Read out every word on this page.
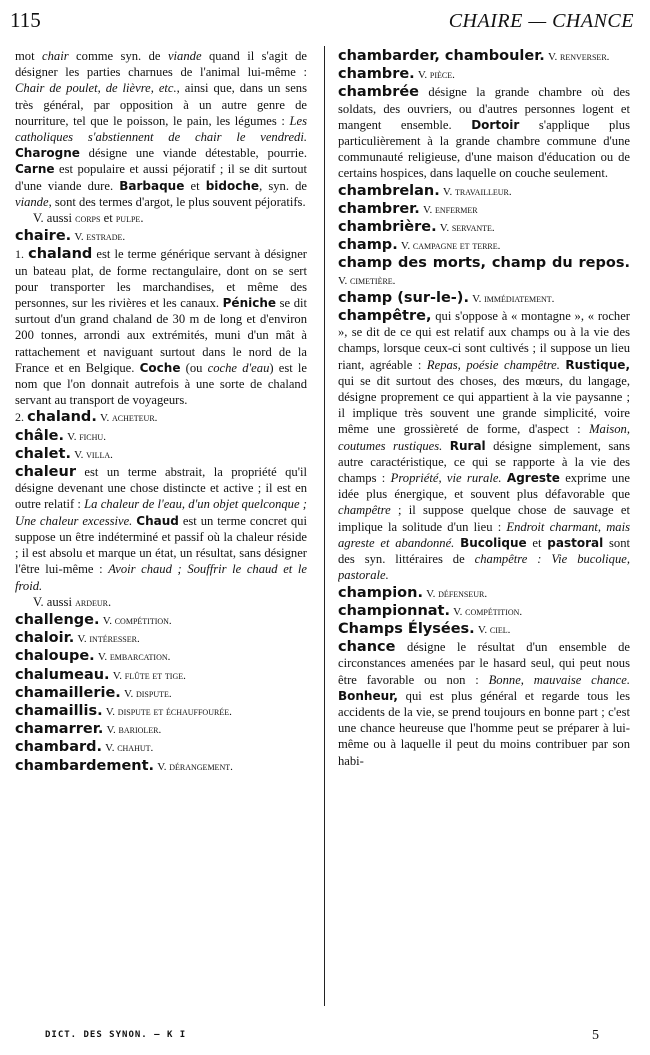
115	CHAIRE — CHANCE

mot chair comme syn. de viande quand il s'agit de désigner les parties charnues de l'animal lui-même : Chair de poulet, de lièvre, etc., ainsi que, dans un sens très général, par opposition à un autre genre de nourriture, tel que le poisson, le pain, les légumes : Les catholiques s'abstiennent de chair le vendredi. Charogne désigne une viande détestable, pourrie. Carne est populaire et aussi péjoratif ; il se dit surtout d'une viande dure. Barbaque et bidoche, syn. de viande, sont des termes d'argot, le plus souvent péjoratifs.
V. aussi corps et pulpe.

chaire. V. estrade.

1. chaland est le terme générique servant à désigner un bateau plat, de forme rectangulaire, dont on se sert pour transporter les marchandises, et même des personnes, sur les rivières et les canaux. Péniche se dit surtout d'un grand chaland de 30 m de long et d'environ 200 tonnes, arrondi aux extrémités, muni d'un mât à rattachement et naviguant surtout dans le nord de la France et en Belgique. Coche (ou coche d'eau) est le nom que l'on donnait autrefois à une sorte de chaland servant au transport de voyageurs.

2. chaland. V. acheteur.

châle. V. fichu.

chalet. V. villa.

chaleur est un terme abstrait, la propriété qu'il désigne devenant une chose distincte et active ; il est en outre relatif : La chaleur de l'eau, d'un objet quelconque ; Une chaleur excessive. Chaud est un terme concret qui suppose un être indéterminé et passif où la chaleur réside ; il est absolu et marque un état, un résultat, sans désigner l'être lui-même : Avoir chaud ; Souffrir le chaud et le froid.
V. aussi ardeur.

challenge. V. compétition.

chaloir. V. intéresser.

chaloupe. V. embarcation.

chalumeau. V. flûte et tige.

chamaillerie. V. dispute.

chamaillis. V. dispute et échauffourée.

chamarrer. V. barioler.

chambard. V. chahut.

chambardement. V. dérangement.

chambarder, chambouler. V. renverser.

chambre. V. pièce.

chambrée désigne la grande chambre où des soldats, des ouvriers, ou d'autres personnes logent et mangent ensemble. Dortoir s'applique plus particulièrement à la grande chambre commune d'une communauté religieuse, d'une maison d'éducation ou de certains hospices, dans laquelle on couche seulement.

chambrelan. V. travailleur.

chambrer. V. enfermer

chambrière. V. servante.

champ. V. campagne et terre.

champ des morts, champ du repos. V. cimetière.

champ (sur-le-). V. immédiatement.

champêtre, qui s'oppose à « montagne », « rocher », se dit de ce qui est relatif aux champs ou à la vie des champs, lorsque ceux-ci sont cultivés ; il suppose un lieu riant, agréable : Repas, poésie champêtre. Rustique, qui se dit surtout des choses, des mœurs, du langage, désigne proprement ce qui appartient à la vie paysanne ; il implique très souvent une grande simplicité, voire même une grossièreté de forme, d'aspect : Maison, coutumes rustiques. Rural désigne simplement, sans autre caractéristique, ce qui se rapporte à la vie des champs : Propriété, vie rurale. Agreste exprime une idée plus énergique, et souvent plus défavorable que champêtre ; il suppose quelque chose de sauvage et implique la solitude d'un lieu : Endroit charmant, mais agreste et abandonné. Bucolique et pastoral sont des syn. littéraires de champêtre : Vie bucolique, pastorale.

champion. V. défenseur.

championnat. V. compétition.

Champs Élysées. V. ciel.

chance désigne le résultat d'un ensemble de circonstances amenées par le hasard seul, qui peut nous être favorable ou non : Bonne, mauvaise chance. Bonheur, qui est plus général et regarde tous les accidents de la vie, se prend toujours en bonne part ; c'est une chance heureuse que l'homme peut se préparer à lui-même ou à laquelle il peut du moins contribuer par son habi-

DICT. DES SYNON. — K I	5
